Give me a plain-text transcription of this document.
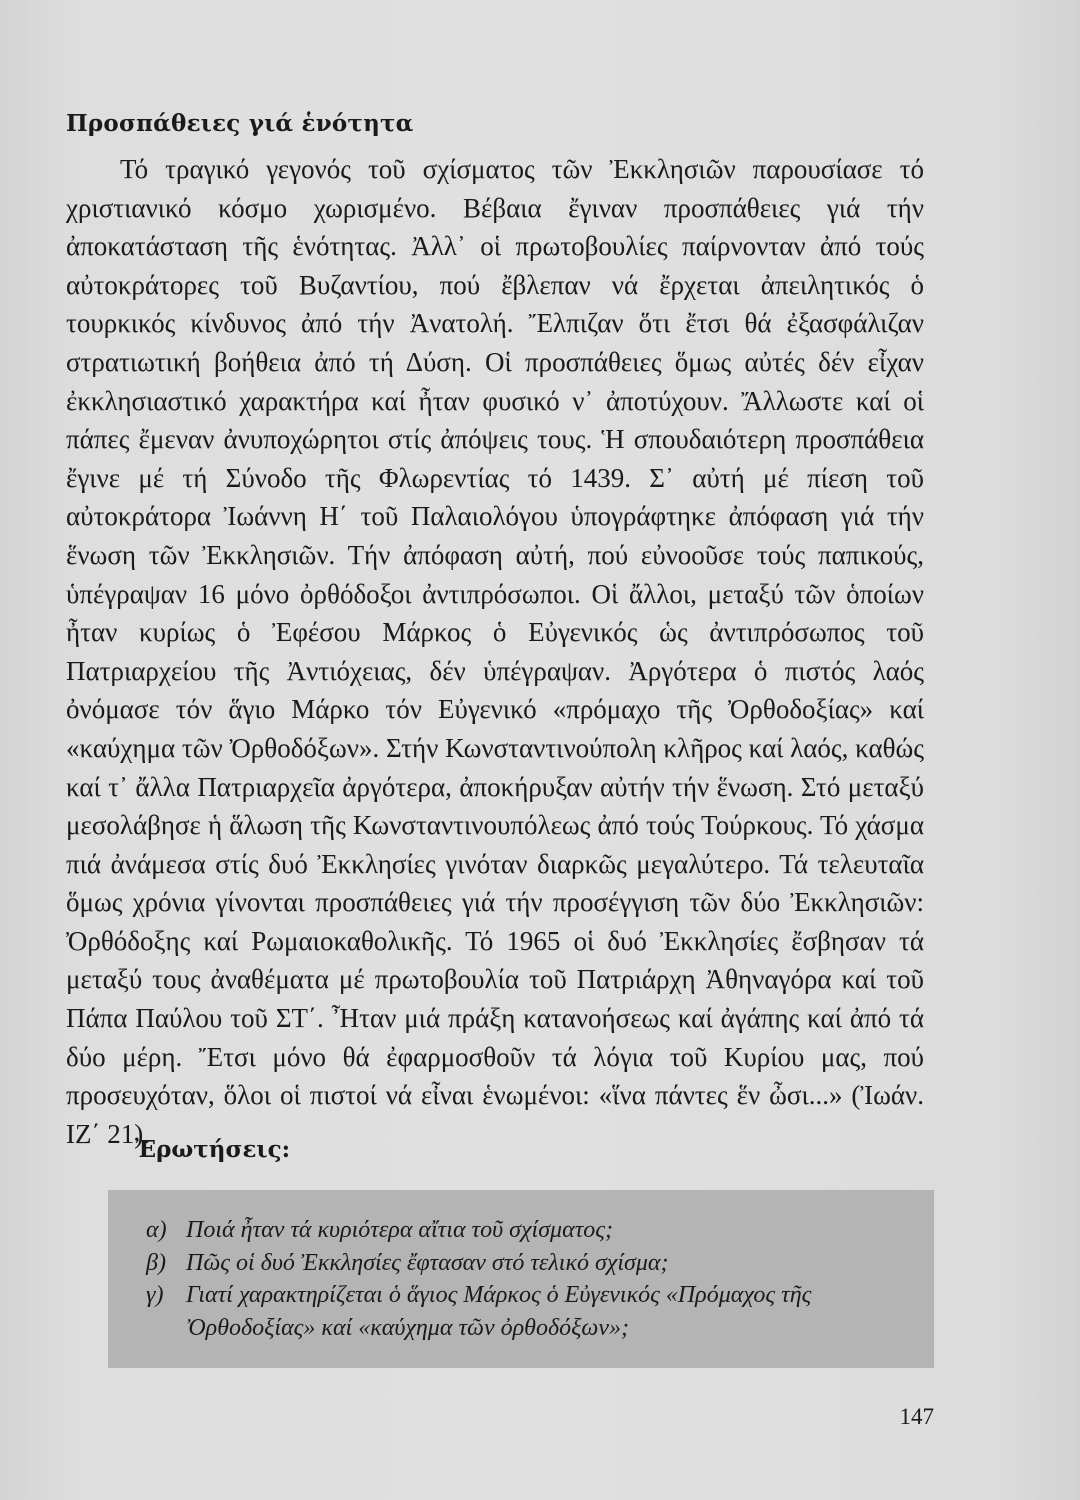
Προσπάθειες γιά ἑνότητα

Τό τραγικό γεγονός τοῦ σχίσματος τῶν Ἐκκλησιῶν παρουσίασε τό χριστιανικό κόσμο χωρισμένο. Βέβαια ἔγιναν προσπάθειες γιά τήν ἀποκατάσταση τῆς ἑνότητας. Ἀλλ᾿ οἱ πρωτοβουλίες παίρνονταν ἀπό τούς αὐτοκράτορες τοῦ Βυζαντίου, πού ἔβλεπαν νά ἔρχεται ἀπειλητικός ὁ τουρκικός κίνδυνος ἀπό τήν Ἀνατολή. Ἔλπιζαν ὅτι ἔτσι θά ἐξασφάλιζαν στρατιωτική βοήθεια ἀπό τή Δύση. Οἱ προσπάθειες ὅμως αὐτές δέν εἶχαν ἐκκλησιαστικό χαρακτήρα καί ἦταν φυσικό ν᾿ ἀποτύχουν. Ἄλλωστε καί οἱ πάπες ἔμεναν ἀνυποχώρητοι στίς ἀπόψεις τους. Ἡ σπουδαιότερη προσπάθεια ἔγινε μέ τή Σύνοδο τῆς Φλωρεντίας τό 1439. Σ᾿ αὐτή μέ πίεση τοῦ αὐτοκράτορα Ἰωάννη Η΄ τοῦ Παλαιολόγου ὑπογράφτηκε ἀπόφαση γιά τήν ἕνωση τῶν Ἐκκλησιῶν. Τήν ἀπόφαση αὐτή, πού εὐνοοῦσε τούς παπικούς, ὑπέγραψαν 16 μόνο ὀρθόδοξοι ἀντιπρόσωποι. Οἱ ἄλλοι, μεταξύ τῶν ὁποίων ἦταν κυρίως ὁ Ἐφέσου Μάρκος ὁ Εὐγενικός ὡς ἀντιπρόσωπος τοῦ Πατριαρχείου τῆς Ἀντιόχειας, δέν ὑπέγραψαν. Ἀργότερα ὁ πιστός λαός ὀνόμασε τόν ἅγιο Μάρκο τόν Εὐγενικό «πρόμαχο τῆς Ὀρθοδοξίας» καί «καύχημα τῶν Ὀρθοδόξων». Στήν Κωνσταντινούπολη κλῆρος καί λαός, καθώς καί τ᾿ ἄλλα Πατριαρχεῖα ἀργότερα, ἀποκήρυξαν αὐτήν τήν ἕνωση. Στό μεταξύ μεσολάβησε ἡ ἅλωση τῆς Κωνσταντινουπόλεως ἀπό τούς Τούρκους. Τό χάσμα πιά ἀνάμεσα στίς δυό Ἐκκλησίες γινόταν διαρκῶς μεγαλύτερο. Τά τελευταῖα ὅμως χρόνια γίνονται προσπάθειες γιά τήν προσέγγιση τῶν δύο Ἐκκλησιῶν: Ὀρθόδοξης καί Ρωμαιοκαθολικῆς. Τό 1965 οἱ δυό Ἐκκλησίες ἔσβησαν τά μεταξύ τους ἀναθέματα μέ πρωτοβουλία τοῦ Πατριάρχη Ἀθηναγόρα καί τοῦ Πάπα Παύλου τοῦ ΣΤ΄. Ἦταν μιά πράξη κατανοήσεως καί ἀγάπης καί ἀπό τά δύο μέρη. Ἔτσι μόνο θά ἐφαρμοσθοῦν τά λόγια τοῦ Κυρίου μας, πού προσευχόταν, ὅλοι οἱ πιστοί νά εἶναι ἑνωμένοι: «ἵνα πάντες ἕν ὦσι...» (Ἰωάν. ΙΖ΄ 21).

Ἐρωτήσεις:
α) Ποιά ἦταν τά κυριότερα αἴτια τοῦ σχίσματος;
β) Πῶς οἱ δυό Ἐκκλησίες ἔφτασαν στό τελικό σχίσμα;
γ) Γιατί χαρακτηρίζεται ὁ ἅγιος Μάρκος ὁ Εὐγενικός «Πρόμαχος τῆς Ὀρθοδοξίας» καί «καύχημα τῶν ὀρθοδόξων»;

147
